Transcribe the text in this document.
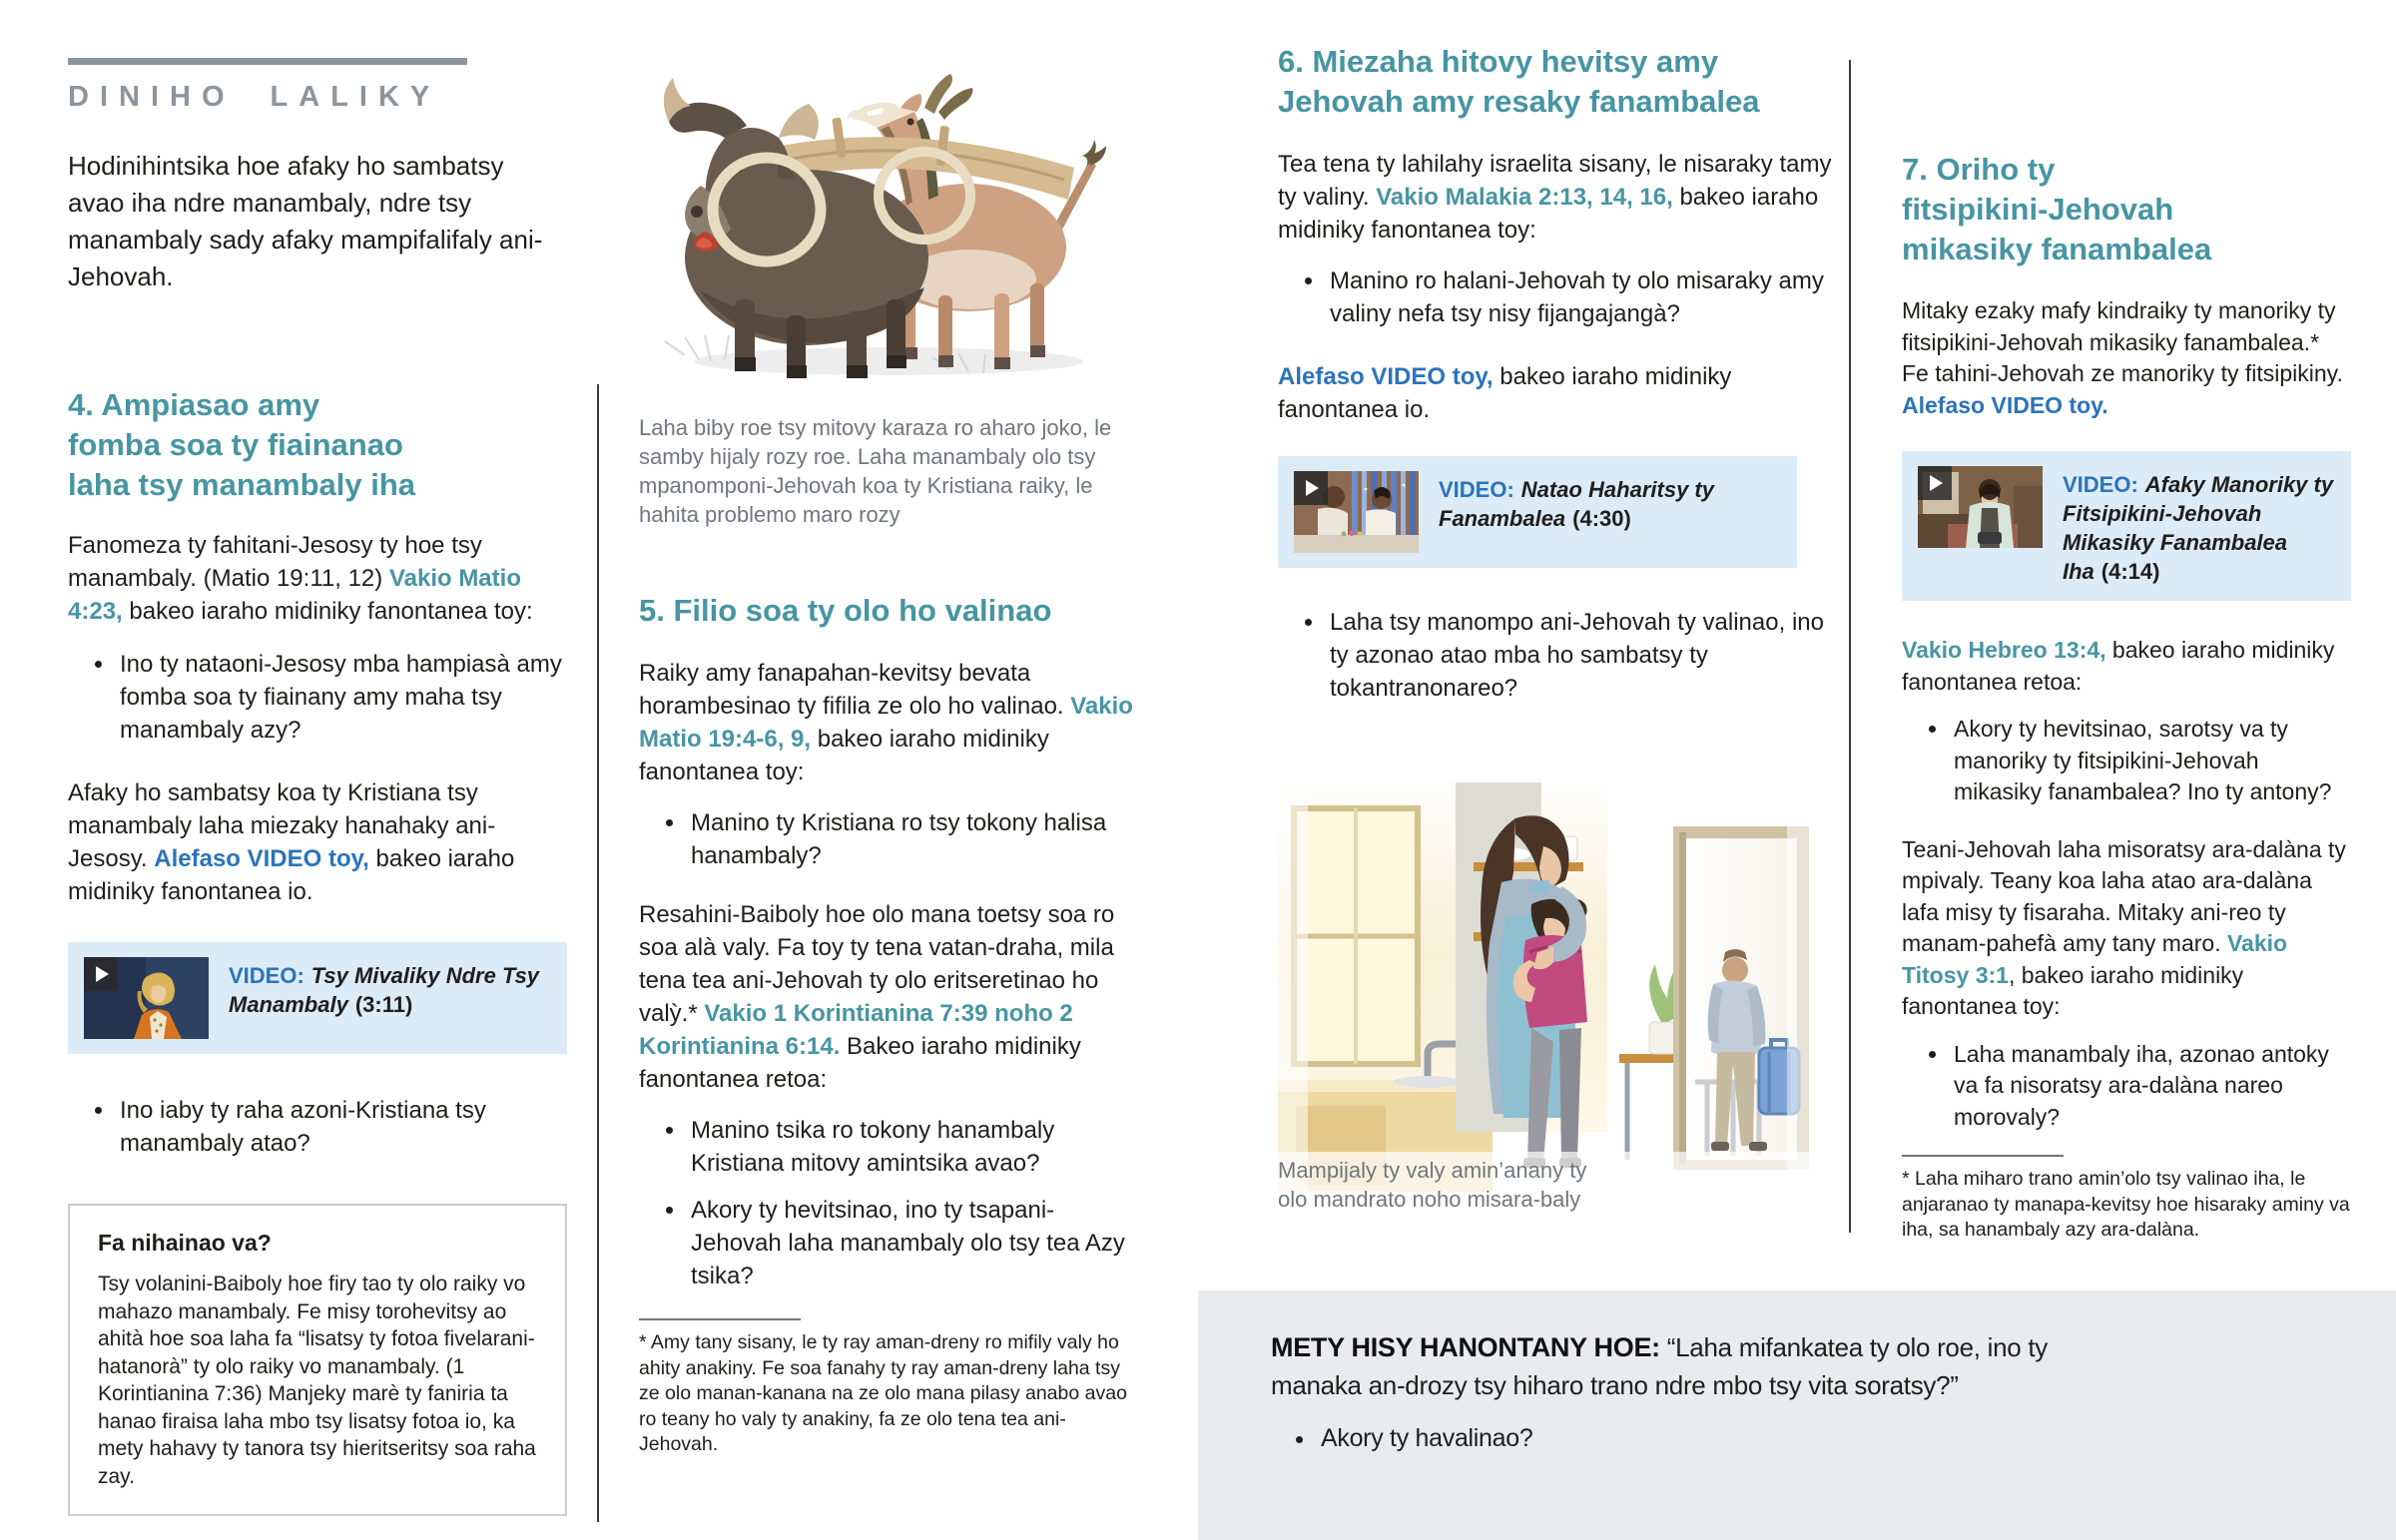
DINIHO LALIKY

Hodinihintsika hoe afaky ho sambatsy avao iha ndre manambaly, ndre tsy manambaly sady afaky mampifalifaly ani-Jehovah.

4. Ampiasao amy
fomba soa ty fiainanao
laha tsy manambaly iha

Fanomeza ty fahitani-Jesosy ty hoe tsy manambaly. (Matio 19:11, 12) Vakio Matio 4:23, bakeo iaraho midiniky fanontanea toy:

• Ino ty nataoni-Jesosy mba hampiasà amy fomba soa ty fiainany amy maha tsy manambaly azy?

Afaky ho sambatsy koa ty Kristiana tsy manambaly laha miezaky hanahaky ani-Jesosy. Alefaso VIDEO toy, bakeo iaraho midiniky fanontanea io.

VIDEO: Tsy Mivaliky Ndre Tsy Manambaly (3:11)
• Ino iaby ty raha azoni-Kristiana tsy manambaly atao?
Fa nihainao va?
Tsy volanini-Baiboly hoe firy tao ty olo raiky vo mahazo manambaly. Fe misy torohevitsy ao ahità hoe soa laha fa “lisatsy ty fotoa fivelarani-hatanorà” ty olo raiky vo manambaly. (1 Korintianina 7:36) Manjeky marè ty faniria ta hanao firaisa laha mbo tsy lisatsy fotoa io, ka mety hahavy ty tanora tsy hieritseritsy soa raha zay.

Laha biby roe tsy mitovy karaza ro aharo joko, le samby hijaly rozy roe. Laha manambaly olo tsy mpanomponi-Jehovah koa ty Kristiana raiky, le hahita problemo maro rozy

5. Filio soa ty olo ho valinao

Raiky amy fanapahan-kevitsy bevata horambesinao ty fifilia ze olo ho valinao. Vakio Matio 19:4-6, 9, bakeo iaraho midiniky fanontanea toy:

• Manino ty Kristiana ro tsy tokony halisa hanambaly?

Resahini-Baiboly hoe olo mana toetsy soa ro soa alà valy. Fa toy ty tena vatan-draha, mila tena tea ani-Jehovah ty olo eritseretinao ho valỳ.* Vakio 1 Korintianina 7:39 noho 2 Korintianina 6:14. Bakeo iaraho midiniky fanontanea retoa:

• Manino tsika ro tokony hanambaly Kristiana mitovy amintsika avao?
• Akory ty hevitsinao, ino ty tsapani-Jehovah laha manambaly olo tsy tea Azy tsika?

* Amy tany sisany, le ty ray aman-dreny ro mifily valy ho ahity anakiny. Fe soa fanahy ty ray aman-dreny laha tsy ze olo manan-kanana na ze olo mana pilasy anabo avao ro teany ho valy ty anakiny, fa ze olo tena tea ani-Jehovah.

6. Miezaha hitovy hevitsy amy
Jehovah amy resaky fanambalea

Tea tena ty lahilahy israelita sisany, le nisaraky tamy ty valiny. Vakio Malakia 2:13, 14, 16, bakeo iaraho midiniky fanontanea toy:

• Manino ro halani-Jehovah ty olo misaraky amy valiny nefa tsy nisy fijangajangà?

Alefaso VIDEO toy, bakeo iaraho midiniky fanontanea io.

VIDEO: Natao Haharitsy ty Fanambalea (4:30)
• Laha tsy manompo ani-Jehovah ty valinao, ino ty azonao atao mba ho sambatsy ty tokantranonareo?

Mampijaly ty valy amin’anany ty olo mandrato noho misara-baly

7. Oriho ty
fitsipikini-Jehovah
mikasiky fanambalea

Mitaky ezaky mafy kindraiky ty manoriky ty fitsipikini-Jehovah mikasiky fanambalea.* Fe tahini-Jehovah ze manoriky ty fitsipikiny. Alefaso VIDEO toy.

VIDEO: Afaky Manoriky ty Fitsipikini-Jehovah Mikasiky Fanambalea Iha (4:14)

Vakio Hebreo 13:4, bakeo iaraho midiniky fanontanea retoa:

• Akory ty hevitsinao, sarotsy va ty manoriky ty fitsipikini-Jehovah mikasiky fanambalea? Ino ty antony?

Teani-Jehovah laha misoratsy ara-dalàna ty mpivaly. Teany koa laha atao ara-dalàna lafa misy ty fisaraha. Mitaky ani-reo ty manam-pahefà amy tany maro. Vakio Titosy 3:1, bakeo iaraho midiniky fanontanea toy:

• Laha manambaly iha, azonao antoky va fa nisoratsy ara-dalàna nareo morovaly?

* Laha miharo trano amin’olo tsy valinao iha, le anjaranao ty manapa-kevitsy hoe hisaraky aminy va iha, sa hanambaly azy ara-dalàna.

METY HISY HANONTANY HOE: “Laha mifankatea ty olo roe, ino ty manaka an-drozy tsy hiharo trano ndre mbo tsy vita soratsy?”
• Akory ty havalinao?
